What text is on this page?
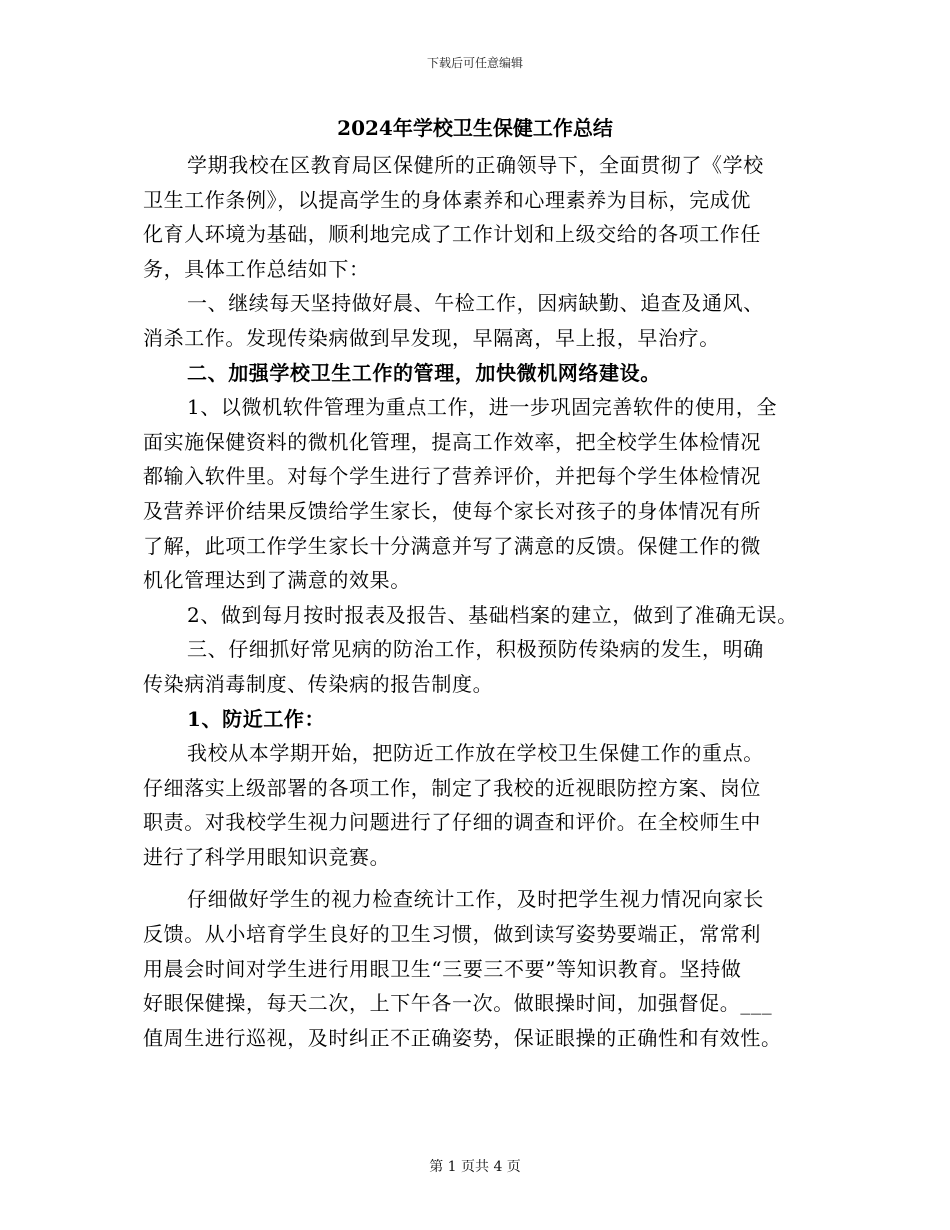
下载后可任意编辑
2024年学校卫生保健工作总结
学期我校在区教育局区保健所的正确领导下，全面贯彻了《学校
卫生工作条例》，以提高学生的身体素养和心理素养为目标，完成优
化育人环境为基础，顺利地完成了工作计划和上级交给的各项工作任
务，具体工作总结如下：
一、继续每天坚持做好晨、午检工作，因病缺勤、追查及通风、
消杀工作。发现传染病做到早发现，早隔离，早上报，早治疗。
二、加强学校卫生工作的管理，加快微机网络建设。
1、以微机软件管理为重点工作，进一步巩固完善软件的使用，全
面实施保健资料的微机化管理，提高工作效率，把全校学生体检情况
都输入软件里。对每个学生进行了营养评价，并把每个学生体检情况
及营养评价结果反馈给学生家长，使每个家长对孩子的身体情况有所
了解，此项工作学生家长十分满意并写了满意的反馈。保健工作的微
机化管理达到了满意的效果。
2、做到每月按时报表及报告、基础档案的建立，做到了准确无误。
三、仔细抓好常见病的防治工作，积极预防传染病的发生，明确
传染病消毒制度、传染病的报告制度。
1、防近工作：
我校从本学期开始，把防近工作放在学校卫生保健工作的重点。
仔细落实上级部署的各项工作，制定了我校的近视眼防控方案、岗位
职责。对我校学生视力问题进行了仔细的调查和评价。在全校师生中
进行了科学用眼知识竞赛。
仔细做好学生的视力检查统计工作，及时把学生视力情况向家长
反馈。从小培育学生良好的卫生习惯，做到读写姿势要端正，常常利
用晨会时间对学生进行用眼卫生“三要三不要”等知识教育。坚持做
好眼保健操，每天二次，上下午各一次。做眼操时间，加强督促。___
值周生进行巡视，及时纠正不正确姿势，保证眼操的正确性和有效性。
第 1 页共 4 页
